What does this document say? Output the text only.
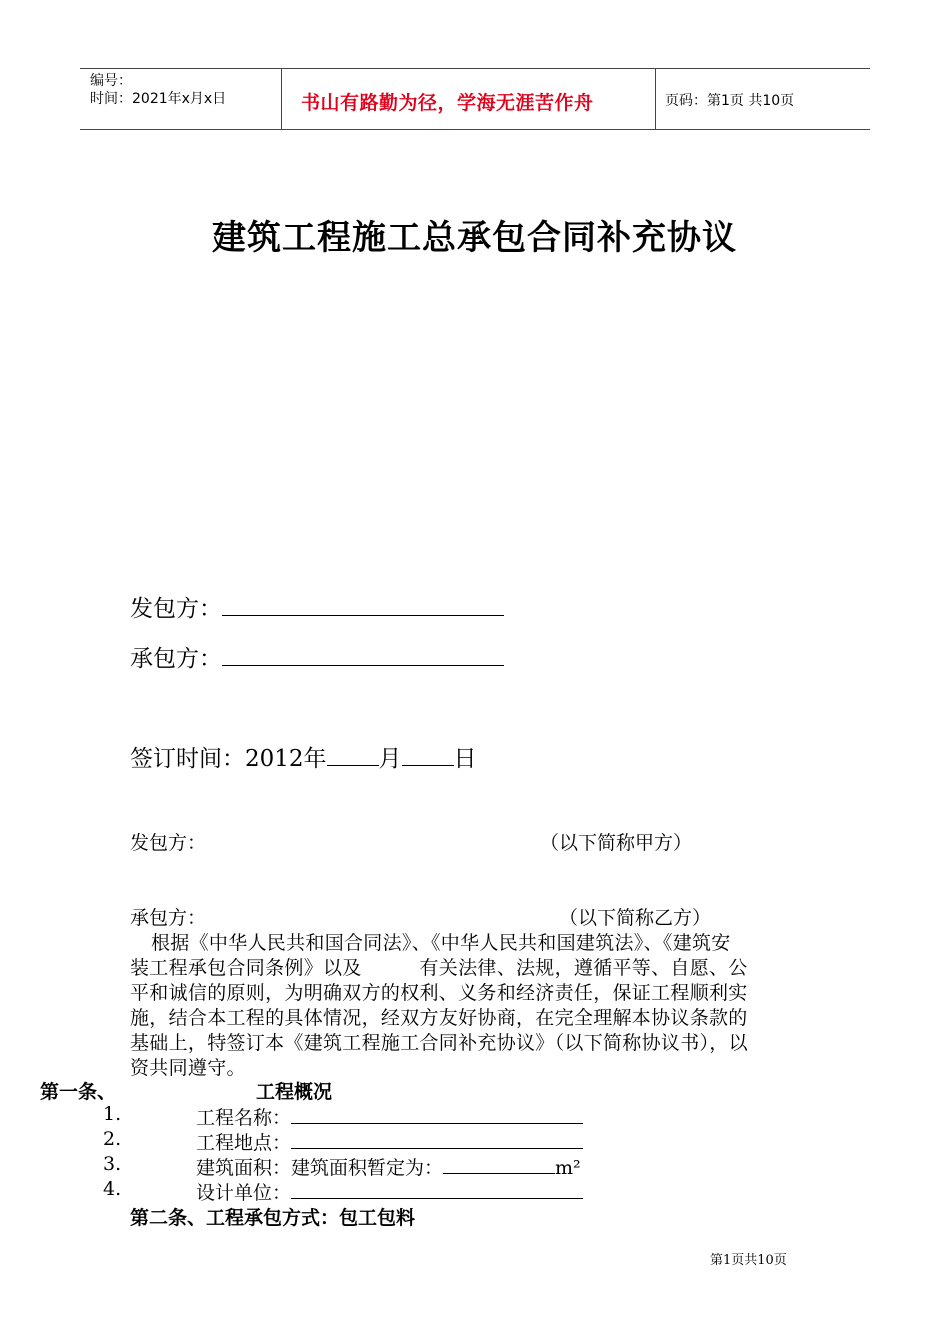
编号：
时间：2021年x月x日	书山有路勤为径，学海无涯苦作舟	页码：第1页 共10页
建筑工程施工总承包合同补充协议
发包方：
承包方：
签订时间：2012年 月 日
发包方：	（以下简称甲方）
承包方：	（以下简称乙方）
根据《中华人民共和国合同法》、《中华人民共和国建筑法》、《建筑安
装工程承包合同条例》以及　　　有关法律、法规，遵循平等、自愿、公
平和诚信的原则，为明确双方的权利、义务和经济责任，保证工程顺利实
施，结合本工程的具体情况，经双方友好协商，在完全理解本协议条款的
基础上，特签订本《建筑工程施工合同补充协议》（以下简称协议书），以
资共同遵守。
第一条、	工程概况
1.	工程名称：
2.	工程地点：
3.	建筑面积：建筑面积暂定为：	m²
4.	设计单位：
第二条、工程承包方式：包工包料
第1页共10页
